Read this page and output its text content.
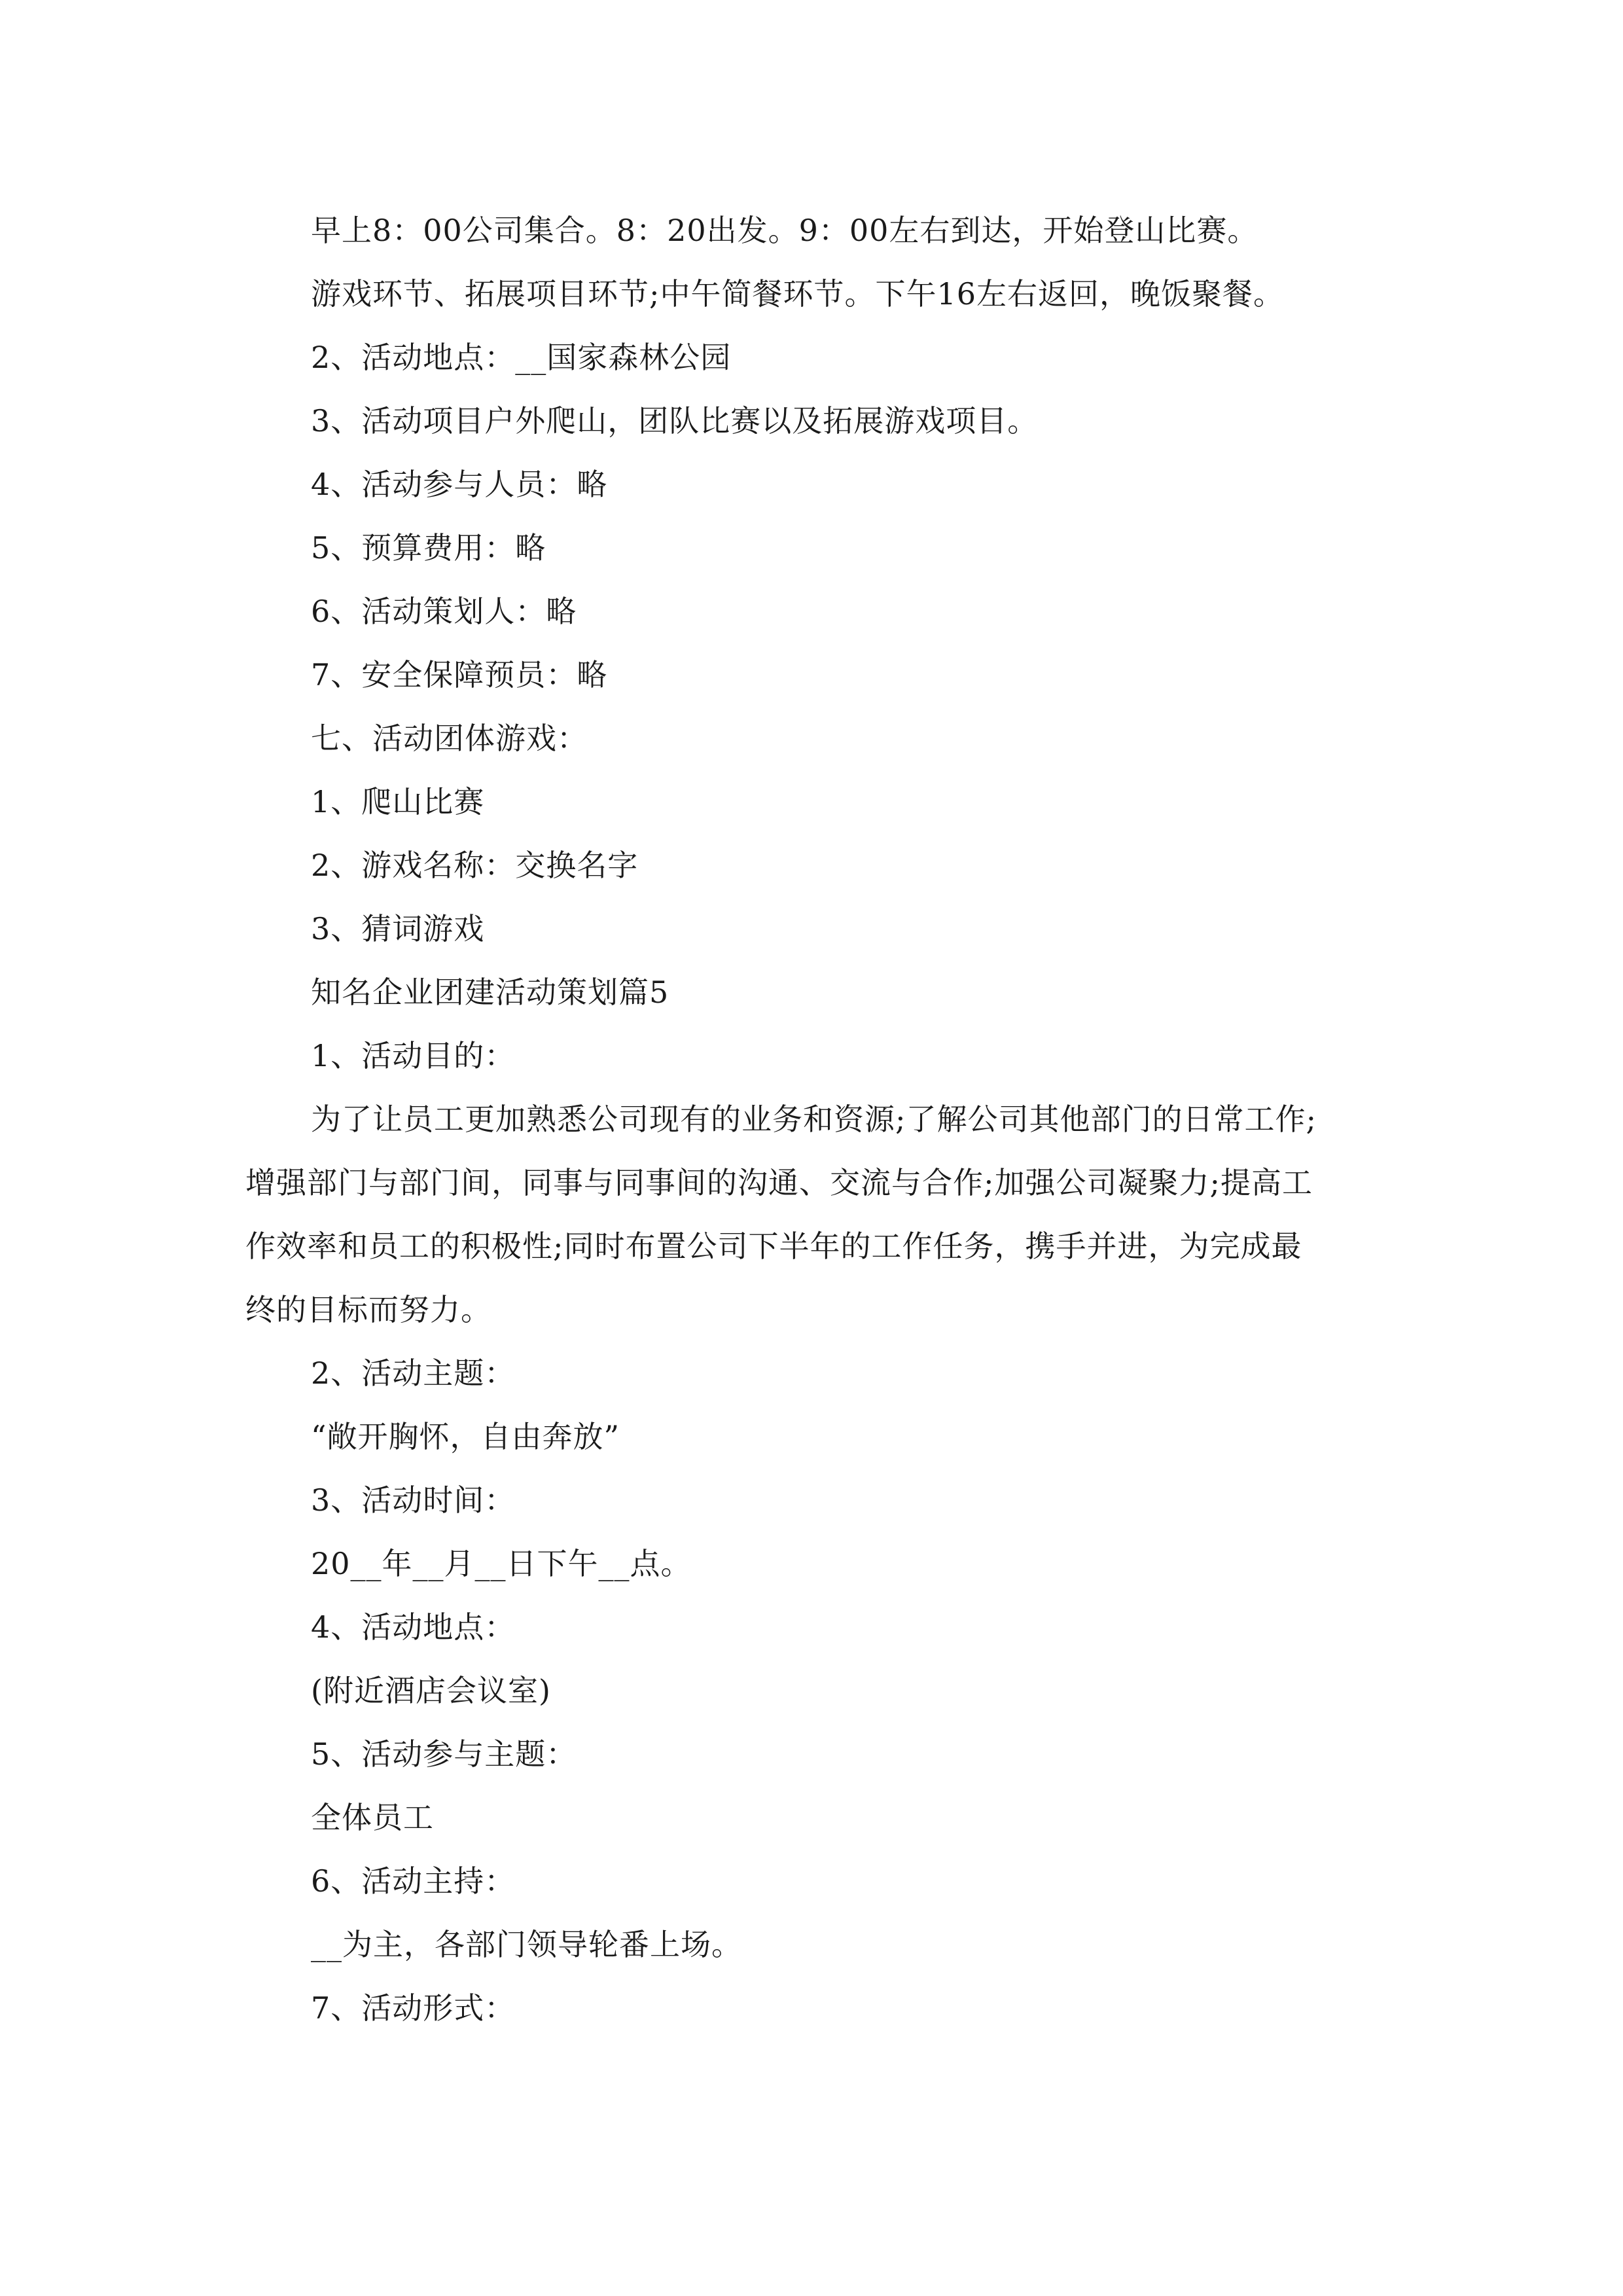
早上8：00公司集合。8：20出发。9：00左右到达，开始登山比赛。
游戏环节、拓展项目环节;中午简餐环节。下午16左右返回，晚饭聚餐。
2、活动地点：__国家森林公园
3、活动项目户外爬山，团队比赛以及拓展游戏项目。
4、活动参与人员：略
5、预算费用：略
6、活动策划人：略
7、安全保障预员：略
七、活动团体游戏：
1、爬山比赛
2、游戏名称：交换名字
3、猜词游戏
知名企业团建活动策划篇5
1、活动目的：
为了让员工更加熟悉公司现有的业务和资源;了解公司其他部门的日常工作;
增强部门与部门间，同事与同事间的沟通、交流与合作;加强公司凝聚力;提高工
作效率和员工的积极性;同时布置公司下半年的工作任务，携手并进，为完成最
终的目标而努力。
2、活动主题：
“敞开胸怀，自由奔放”
3、活动时间：
20__年__月__日下午__点。
4、活动地点：
(附近酒店会议室)
5、活动参与主题：
全体员工
6、活动主持：
__为主，各部门领导轮番上场。
7、活动形式：
